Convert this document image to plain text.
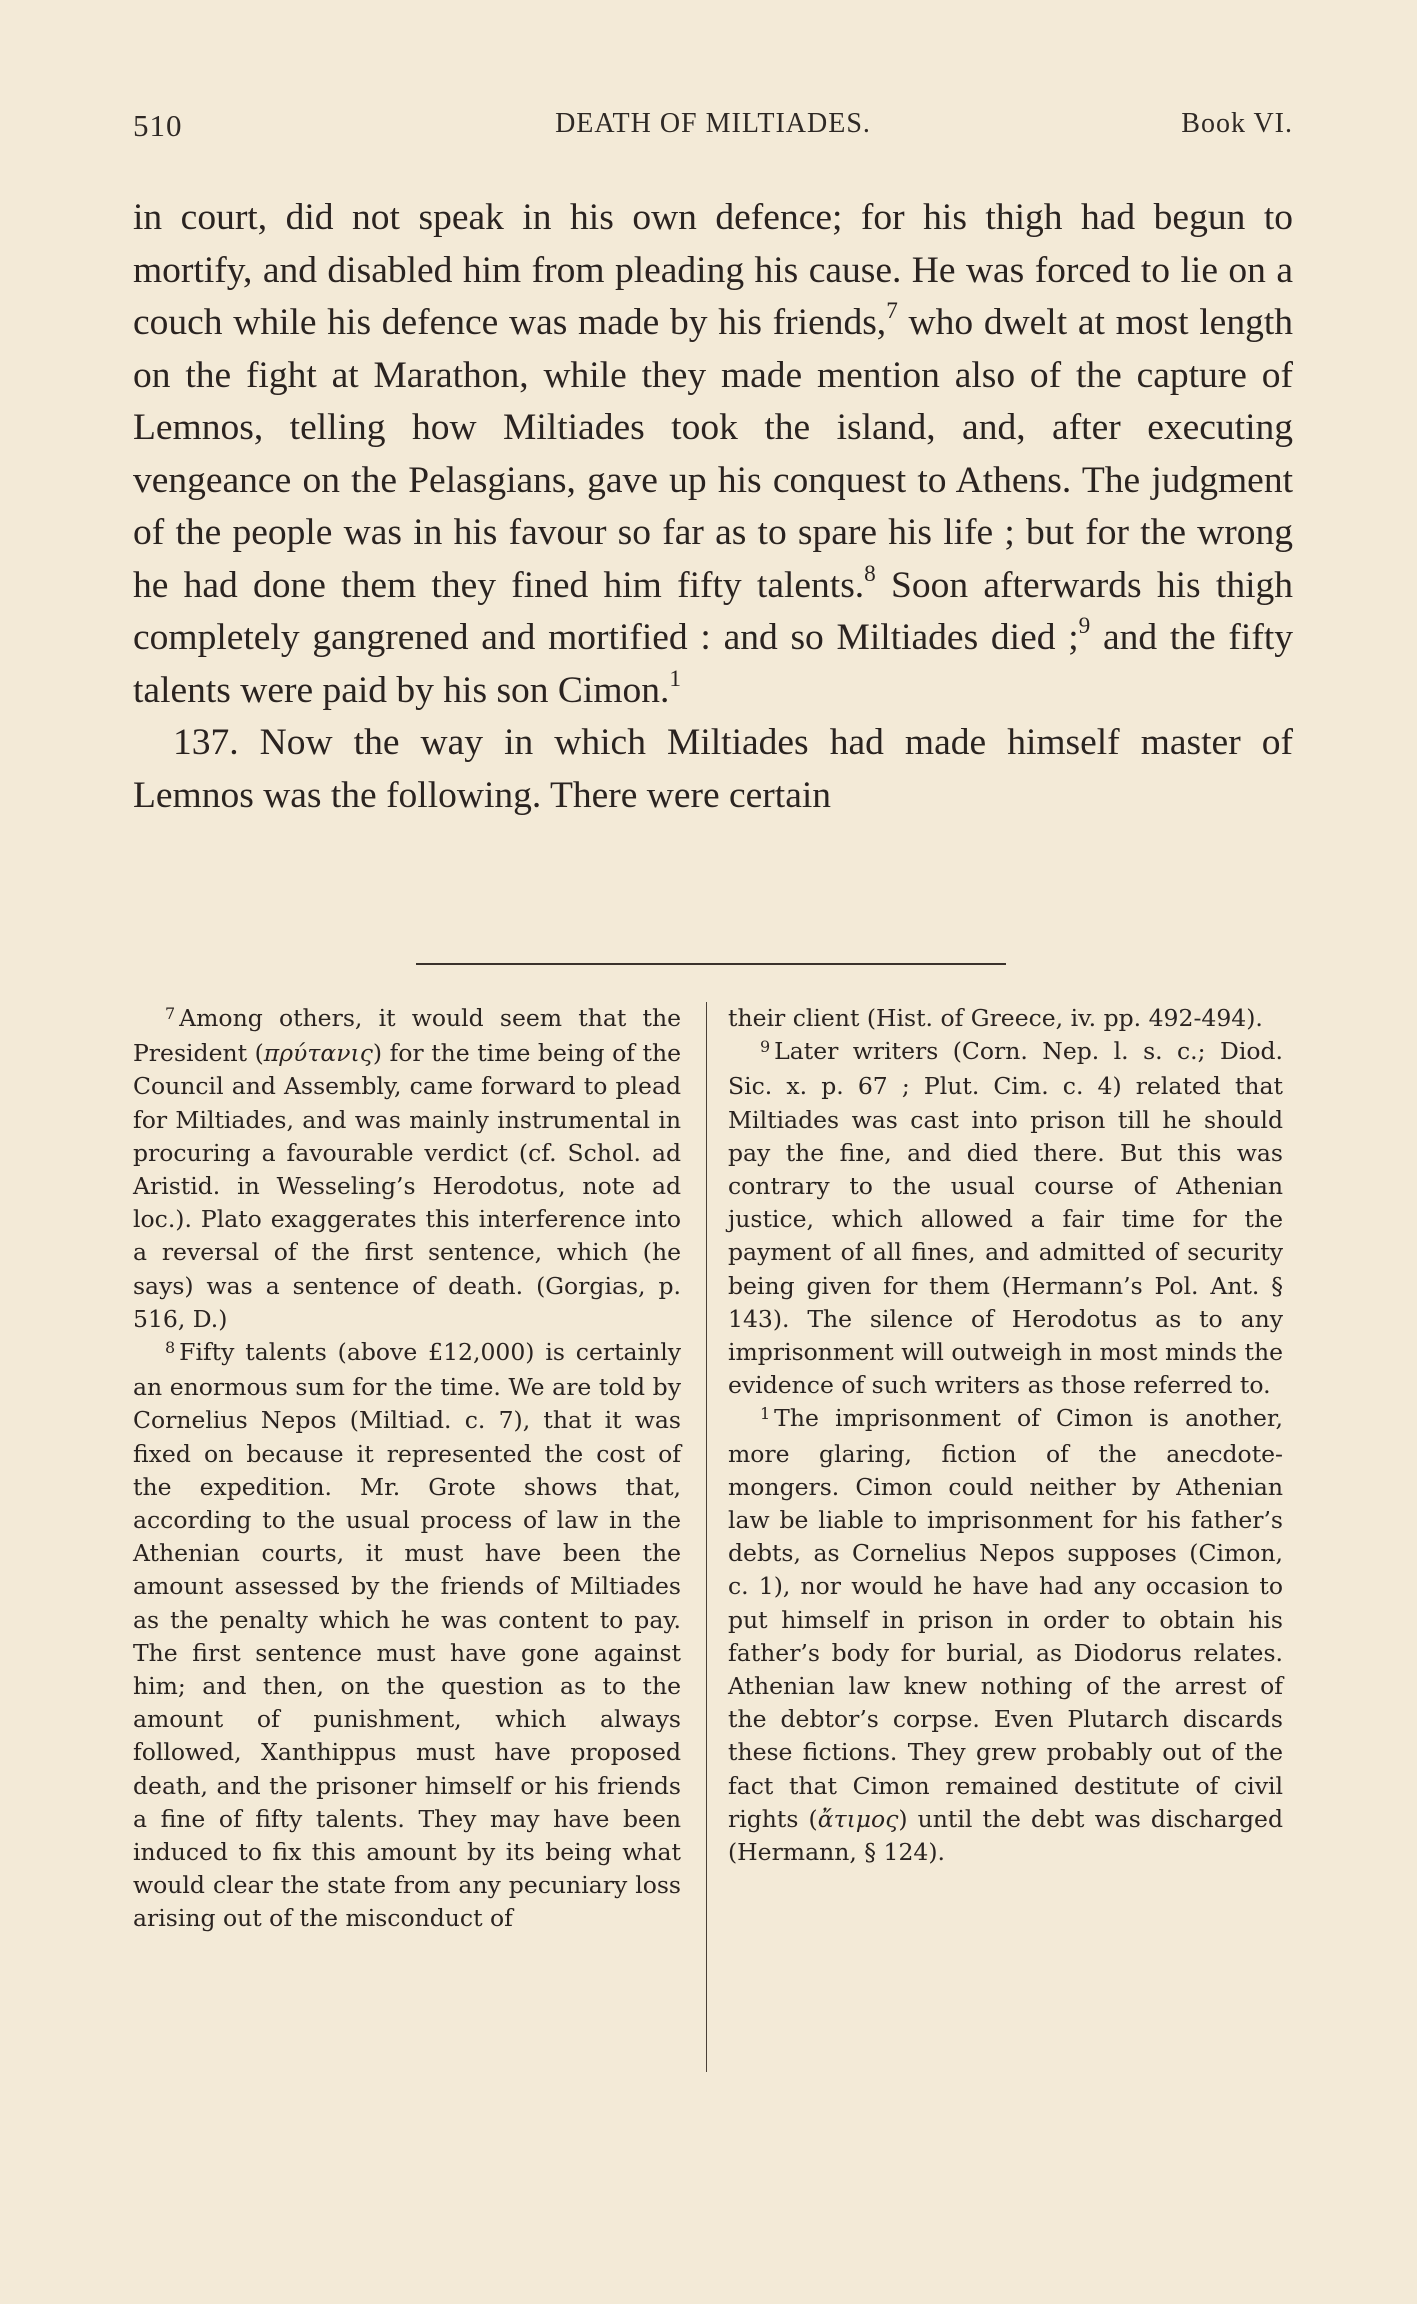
510	DEATH OF MILTIADES.	Book VI.

in court, did not speak in his own defence; for his thigh had begun to mortify, and disabled him from pleading his cause. He was forced to lie on a couch while his defence was made by his friends,$^7$ who dwelt at most length on the fight at Marathon, while they made mention also of the capture of Lemnos, telling how Miltiades took the island, and, after executing vengeance on the Pelasgians, gave up his conquest to Athens. The judgment of the people was in his favour so far as to spare his life ; but for the wrong he had done them they fined him fifty talents.$^8$ Soon afterwards his thigh completely gangrened and mortified : and so Miltiades died ;$^9$ and the fifty talents were paid by his son Cimon.$^1$

137. Now the way in which Miltiades had made himself master of Lemnos was the following. There were certain

$^7$ Among others, it would seem that the President (πρύτανις) for the time being of the Council and Assembly, came forward to plead for Miltiades, and was mainly instrumental in procuring a favourable verdict (cf. Schol. ad Aristid. in Wesseling’s Herodotus, note ad loc.). Plato exaggerates this interference into a reversal of the first sentence, which (he says) was a sentence of death. (Gorgias, p. 516, D.)

$^8$ Fifty talents (above £12,000) is certainly an enormous sum for the time. We are told by Cornelius Nepos (Miltiad. c. 7), that it was fixed on because it represented the cost of the expedition. Mr. Grote shows that, according to the usual process of law in the Athenian courts, it must have been the amount assessed by the friends of Miltiades as the penalty which he was content to pay. The first sentence must have gone against him; and then, on the question as to the amount of punishment, which always followed, Xanthippus must have proposed death, and the prisoner himself or his friends a fine of fifty talents. They may have been induced to fix this amount by its being what would clear the state from any pecuniary loss arising out of the misconduct of

their client (Hist. of Greece, iv. pp. 492-494).

$^9$ Later writers (Corn. Nep. l. s. c.; Diod. Sic. x. p. 67 ; Plut. Cim. c. 4) related that Miltiades was cast into prison till he should pay the fine, and died there. But this was contrary to the usual course of Athenian justice, which allowed a fair time for the payment of all fines, and admitted of security being given for them (Hermann’s Pol. Ant. § 143). The silence of Herodotus as to any imprisonment will outweigh in most minds the evidence of such writers as those referred to.

$^1$ The imprisonment of Cimon is another, more glaring, fiction of the anecdote-mongers. Cimon could neither by Athenian law be liable to imprisonment for his father’s debts, as Cornelius Nepos supposes (Cimon, c. 1), nor would he have had any occasion to put himself in prison in order to obtain his father’s body for burial, as Diodorus relates. Athenian law knew nothing of the arrest of the debtor’s corpse. Even Plutarch discards these fictions. They grew probably out of the fact that Cimon remained destitute of civil rights (ἄτιμος) until the debt was discharged (Hermann, § 124).
